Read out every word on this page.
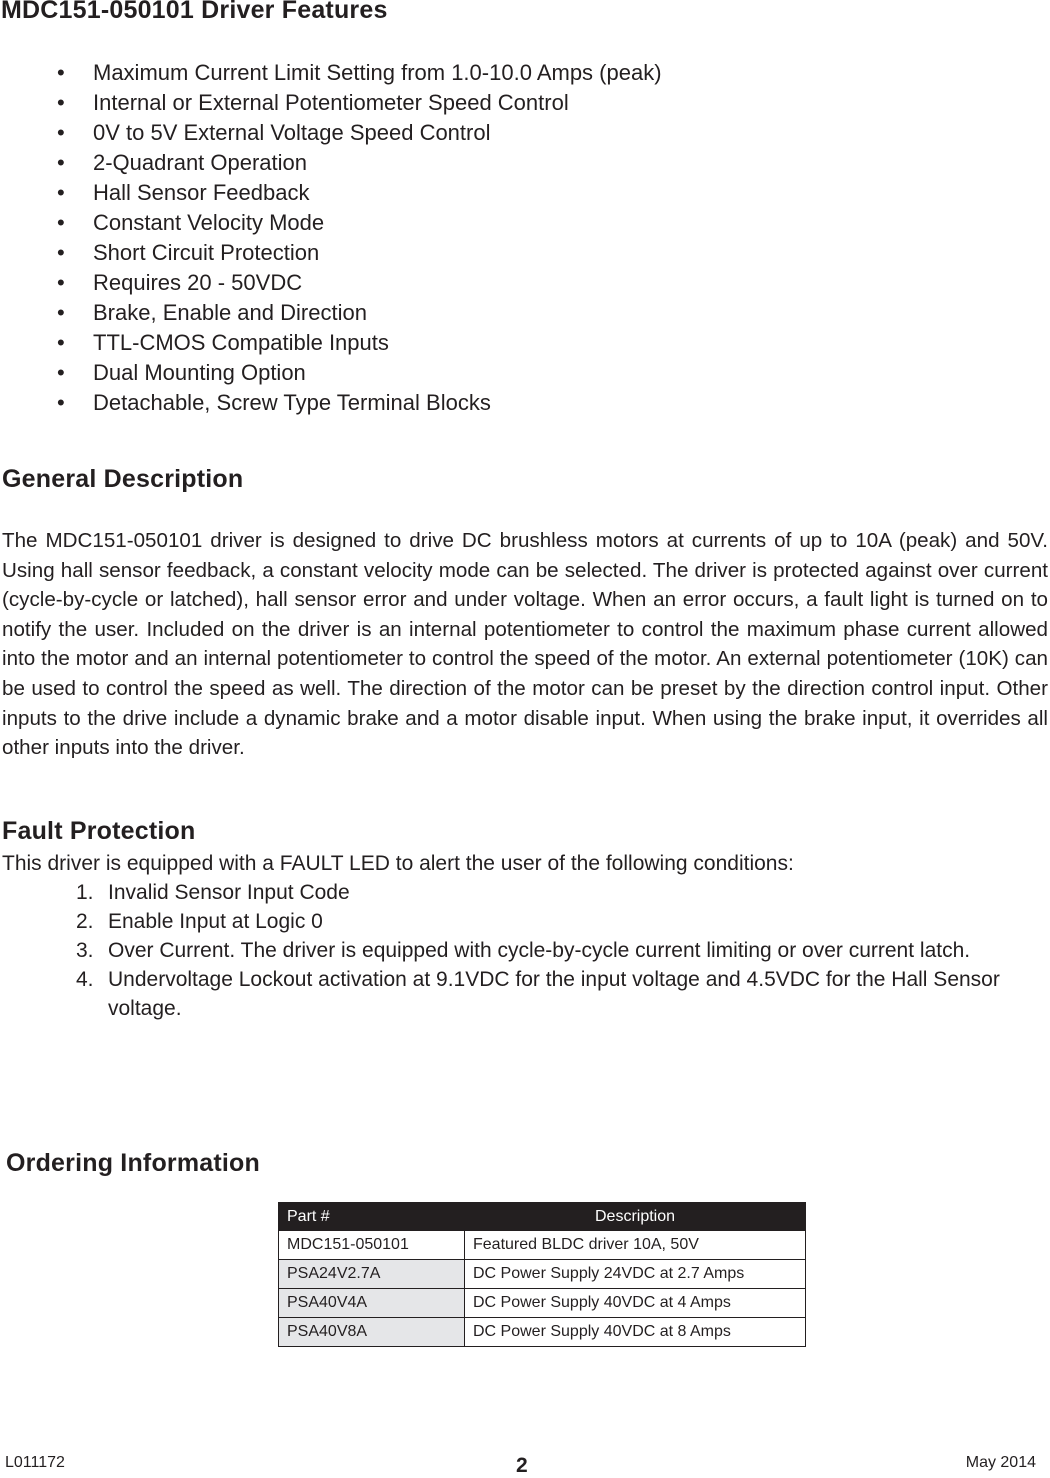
MDC151-050101 Driver Features
• Maximum Current Limit Setting from 1.0-10.0 Amps (peak)
• Internal or External Potentiometer Speed Control
• 0V to 5V External Voltage Speed Control
• 2-Quadrant Operation
• Hall Sensor Feedback
• Constant Velocity Mode
• Short Circuit Protection
• Requires 20 - 50VDC
• Brake, Enable and Direction
• TTL-CMOS Compatible Inputs
• Dual Mounting Option
• Detachable, Screw Type Terminal Blocks
General Description

The MDC151-050101 driver is designed to drive DC brushless motors at currents of up to 10A (peak) and 50V. Using hall sensor feedback, a constant velocity mode can be selected. The driver is protected against over current (cycle-by-cycle or latched), hall sensor error and under voltage. When an error occurs, a fault light is turned on to notify the user. Included on the driver is an internal potentiometer to control the maximum phase current allowed into the motor and an internal potentiometer to control the speed of the motor. An external potentiometer (10K) can be used to control the speed as well. The direction of the motor can be preset by the direction control input. Other inputs to the drive include a dynamic brake and a motor disable input. When using the brake input, it overrides all other inputs into the driver.

Fault Protection

This driver is equipped with a FAULT LED to alert the user of the following conditions:

1. Invalid Sensor Input Code
2. Enable Input at Logic 0
3. Over Current. The driver is equipped with cycle-by-cycle current limiting or over current latch.
4. Undervoltage Lockout activation at 9.1VDC for the input voltage and 4.5VDC for the Hall Sensor voltage.
Ordering Information
Part #	Description
MDC151-050101	Featured BLDC driver 10A, 50V
PSA24V2.7A	DC Power Supply 24VDC at 2.7 Amps
PSA40V4A	DC Power Supply 40VDC at 4 Amps
PSA40V8A	DC Power Supply 40VDC at 8 Amps
L011172	2	May 2014
